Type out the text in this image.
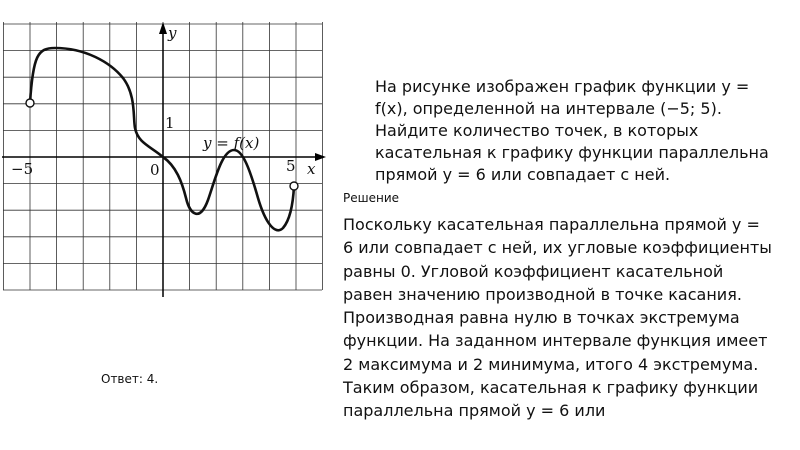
y
x
−5	0
1
5
y = f(x)

На рисунке изображен график функции y = f(x), определенной на интервале (−5; 5). Найдите количество точек, в которых касательная к графику функции параллельна прямой y = 6 или совпадает с ней.

Решение

Поскольку касательная параллельна прямой y = 6 или совпадает с ней, их угловые коэффициенты равны 0. Угловой коэффициент касательной равен значению производной в точке касания. Производная равна нулю в точках экстремума функции. На заданном интервале функция имеет 2 максимума и 2 минимума, итого 4 экстремума. Таким образом, касательная к графику функции параллельна прямой y = 6 или

Ответ: 4.
